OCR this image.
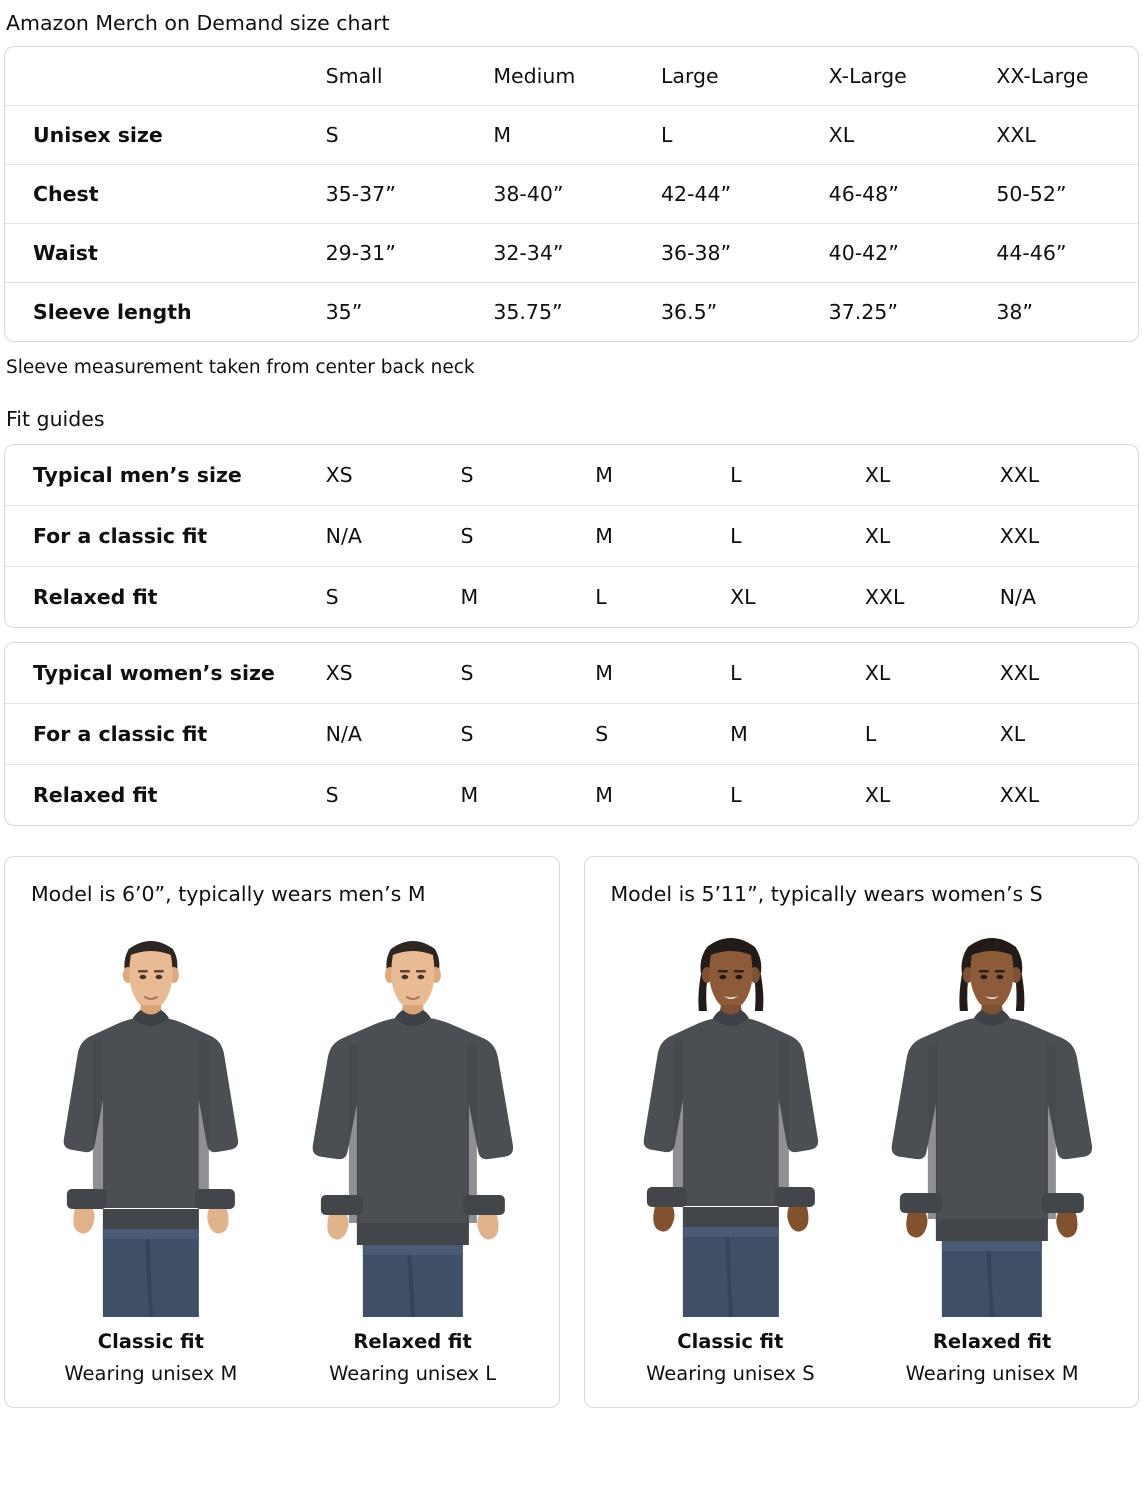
Amazon Merch on Demand size chart
	Small	Medium	Large	X-Large	XX-Large
Unisex size	S	M	L	XL	XXL
Chest	35-37”	38-40”	42-44”	46-48”	50-52”
Waist	29-31”	32-34”	36-38”	40-42”	44-46”
Sleeve length	35”	35.75”	36.5”	37.25”	38”
Sleeve measurement taken from center back neck
Fit guides
Typical men’s size	XS	S	M	L	XL	XXL
For a classic fit	N/A	S	M	L	XL	XXL
Relaxed fit	S	M	L	XL	XXL	N/A
Typical women’s size	XS	S	M	L	XL	XXL
For a classic fit	N/A	S	S	M	L	XL
Relaxed fit	S	M	M	L	XL	XXL
Model is 6’0”, typically wears men’s M
Classic fit
Wearing unisex M
Relaxed fit
Wearing unisex L
Model is 5’11”, typically wears women’s S
Classic fit
Wearing unisex S
Relaxed fit
Wearing unisex M
